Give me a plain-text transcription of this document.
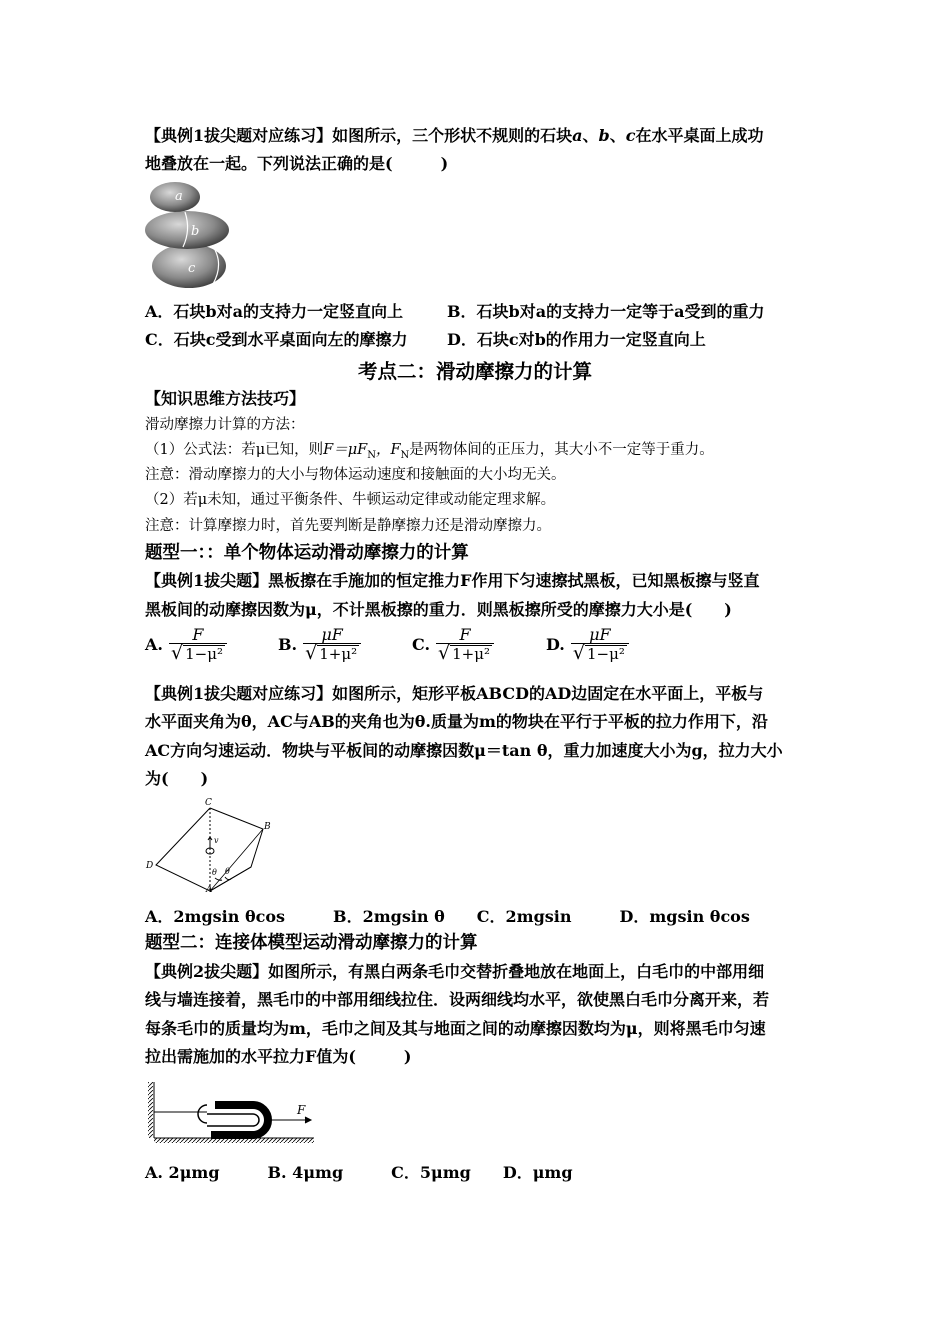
【典例1拔尖题对应练习】如图所示，三个形状不规则的石块a、b、c在水平桌面上成功
地叠放在一起。下列说法正确的是(　　　)
a
b
c
A．石块b对a的支持力一定竖直向上	B．石块b对a的支持力一定等于a受到的重力
C．石块c受到水平桌面向左的摩擦力 D．石块c对b的作用力一定竖直向上
考点二：滑动摩擦力的计算
【知识思维方法技巧】
滑动摩擦力计算的方法：
（1）公式法：若μ已知，则$F=\mu F_N$，$F_N$是两物体间的正压力，其大小不一定等于重力。
注意：滑动摩擦力的大小与物体运动速度和接触面的大小均无关。
（2）若μ未知，通过平衡条件、牛顿运动定律或动能定理求解。
注意：计算摩擦力时，首先要判断是静摩擦力还是滑动摩擦力。
题型一：：单个物体运动滑动摩擦力的计算
【典例1拔尖题】黑板擦在手施加的恒定推力F作用下匀速擦拭黑板，已知黑板擦与竖直
黑板间的动摩擦因数为μ，不计黑板擦的重力．则黑板擦所受的摩擦力大小是(　　)
A. $\frac{F}{\text{√ 1−μ²}}$	B. $\frac{\mu F}{\text{√ 1+μ²}}$	C. $\frac{F}{\text{√ 1+μ²}}$	D. $\frac{\mu F}{\text{√ 1−μ²}}$
【典例1拔尖题对应练习】如图所示，矩形平板ABCD的AD边固定在水平面上，平板与
水平面夹角为θ，AC与AB的夹角也为θ.质量为m的物块在平行于平板的拉力作用下，沿
AC方向匀速运动．物块与平板间的动摩擦因数μ＝tan θ，重力加速度大小为g，拉力大小
为(　　)
C
B
D
A
v
θ θ
A．2mgsin θcos　　　B．2mgsin θ　　C．2mgsin　　　D．mgsin θcos
题型二：连接体模型运动滑动摩擦力的计算
【典例2拔尖题】如图所示，有黑白两条毛巾交替折叠地放在地面上，白毛巾的中部用细
线与墙连接着，黑毛巾的中部用细线拉住．设两细线均水平，欲使黑白毛巾分离开来，若
每条毛巾的质量均为m，毛巾之间及其与地面之间的动摩擦因数均为μ，则将黑毛巾匀速
拉出需施加的水平拉力F值为(　　　)
F
A. 2μmg　　　B. 4μmg　　　C．5μmg　　D．μmg
